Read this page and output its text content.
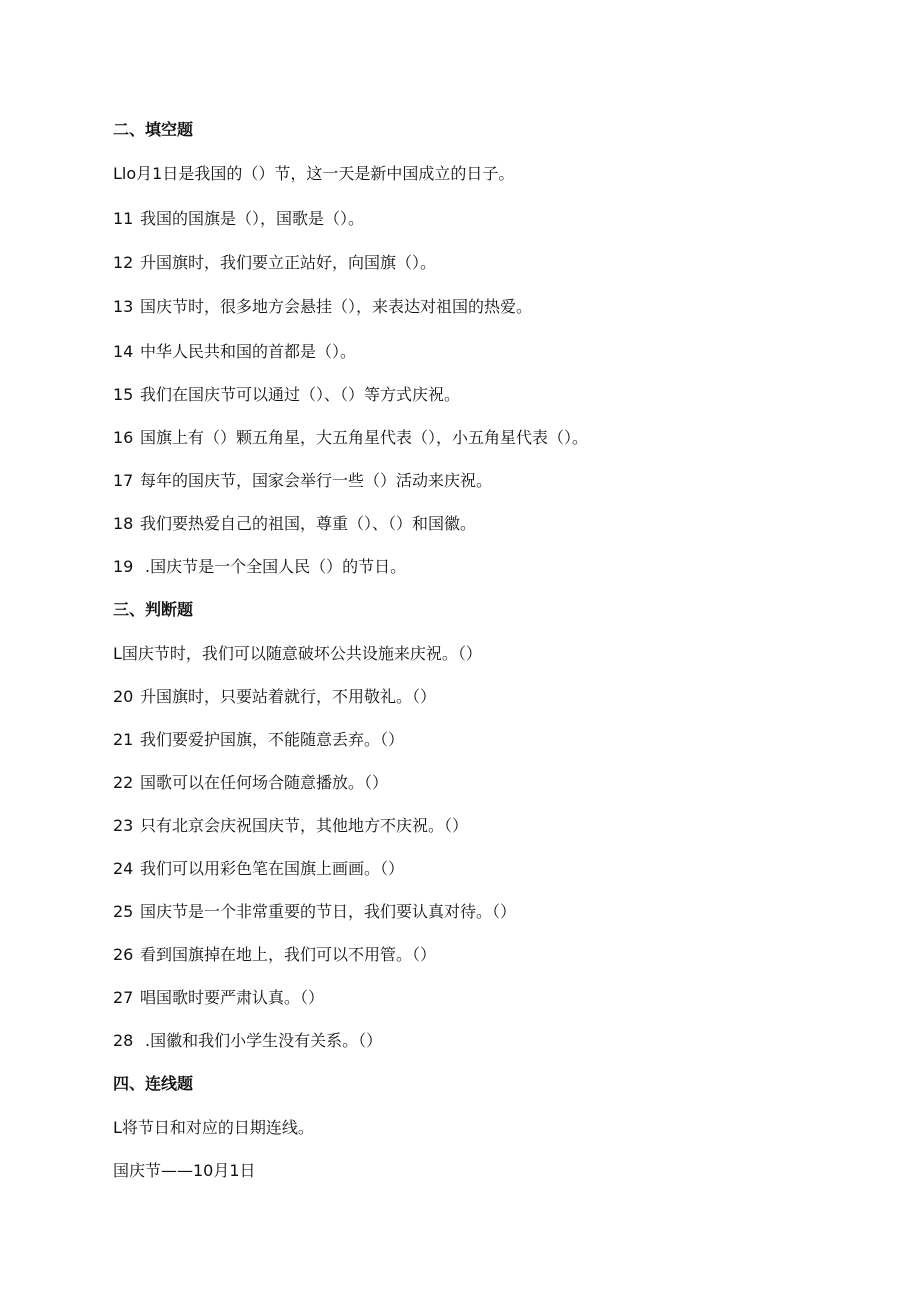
二、填空题
Llo月1日是我国的（）节，这一天是新中国成立的日子。
11 我国的国旗是（），国歌是（）。
12 升国旗时，我们要立正站好，向国旗（）。
13 国庆节时，很多地方会悬挂（），来表达对祖国的热爱。
14 中华人民共和国的首都是（）。
15 我们在国庆节可以通过（）、（）等方式庆祝。
16 国旗上有（）颗五角星，大五角星代表（），小五角星代表（）。
17 每年的国庆节，国家会举行一些（）活动来庆祝。
18 我们要热爱自己的祖国，尊重（）、（）和国徽。
19 .国庆节是一个全国人民（）的节日。
三、判断题
L国庆节时，我们可以随意破坏公共设施来庆祝。（）
20 升国旗时，只要站着就行，不用敬礼。（）
21 我们要爱护国旗，不能随意丢弃。（）
22 国歌可以在任何场合随意播放。（）
23 只有北京会庆祝国庆节，其他地方不庆祝。（）
24 我们可以用彩色笔在国旗上画画。（）
25 国庆节是一个非常重要的节日，我们要认真对待。（）
26 看到国旗掉在地上，我们可以不用管。（）
27 唱国歌时要严肃认真。（）
28 .国徽和我们小学生没有关系。（）
四、连线题
L将节日和对应的日期连线。
国庆节——10月1日
